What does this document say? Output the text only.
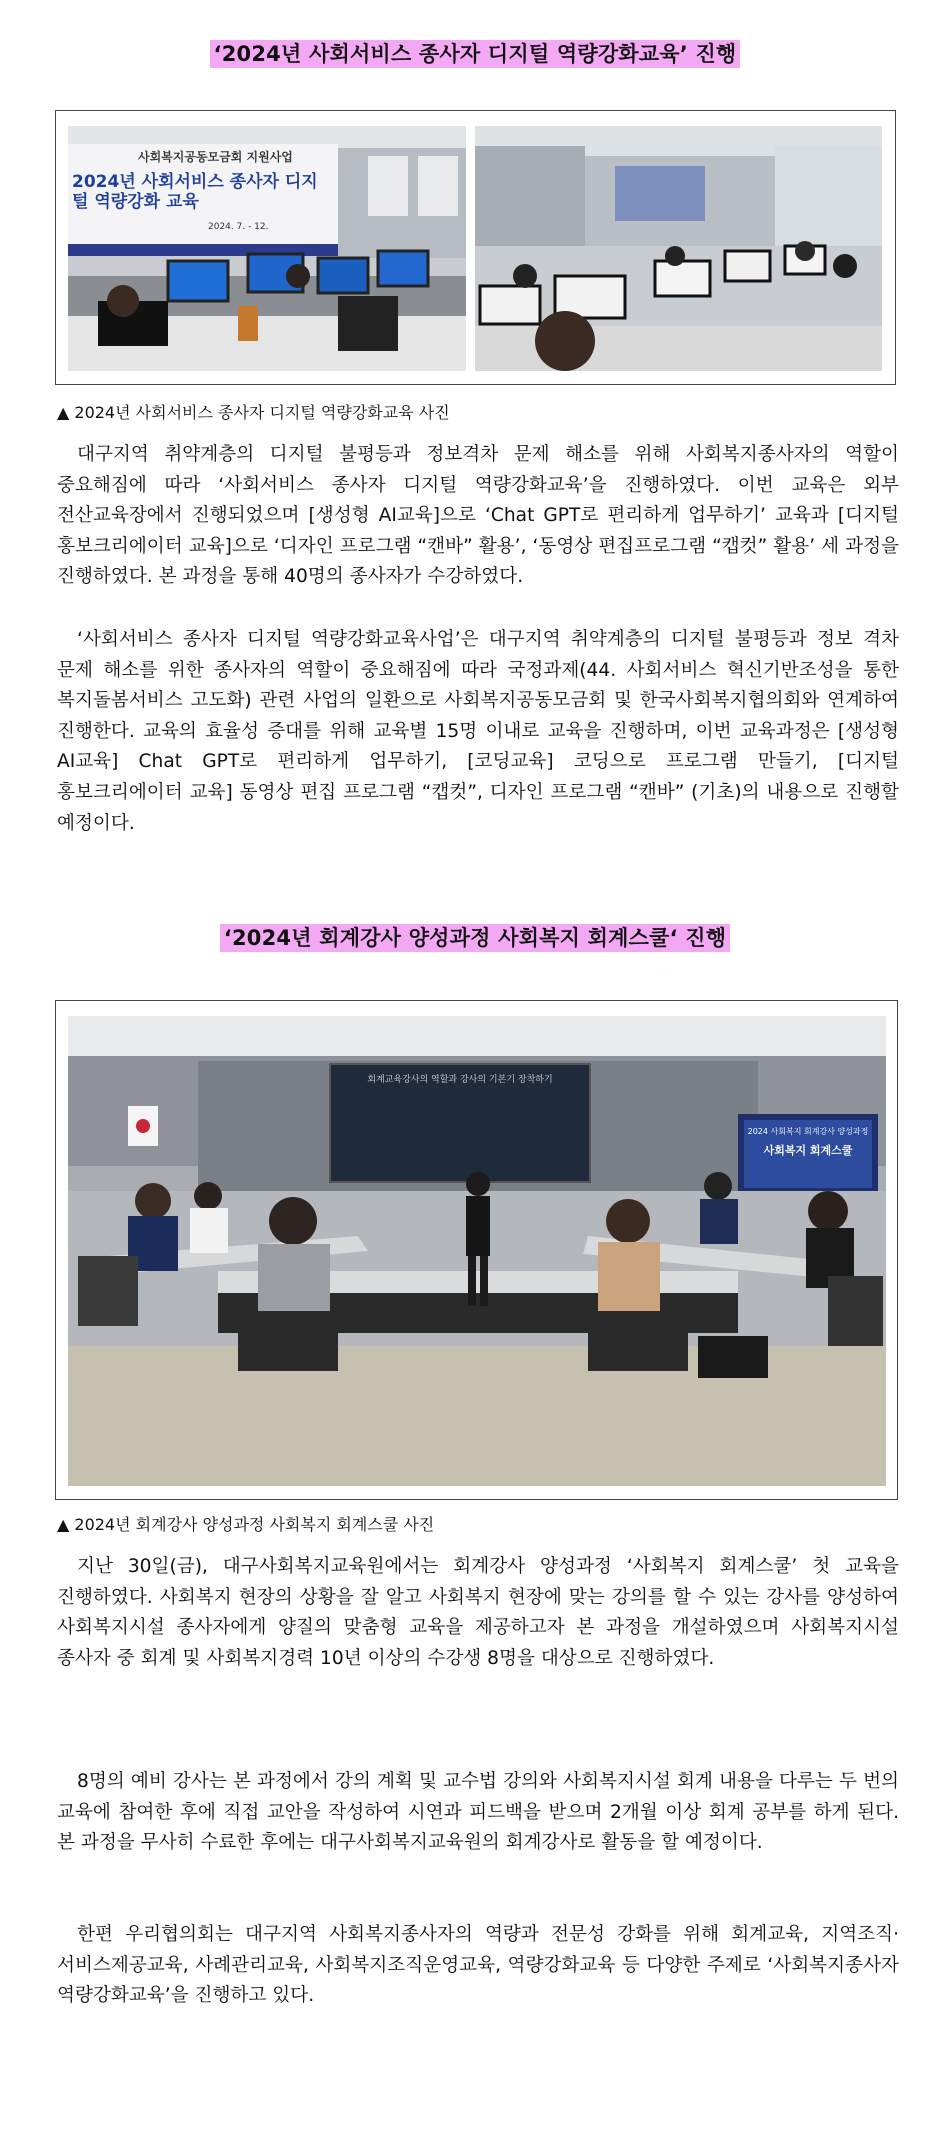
‘2024년 사회서비스 종사자 디지털 역량강화교육’ 진행
사회복지공동모금회 지원사업
2024년 사회서비스 종사자 디지털 역량강화 교육
2024. 7. - 12.
▲ 2024년 사회서비스 종사자 디지털 역량강화교육 사진

대구지역 취약계층의 디지털 불평등과 정보격차 문제 해소를 위해 사회복지종사자의 역할이 중요해짐에 따라 ‘사회서비스 종사자 디지털 역량강화교육’을 진행하였다. 이번 교육은 외부 전산교육장에서 진행되었으며 [생성형 AI교육]으로 ‘Chat GPT로 편리하게 업무하기’ 교육과 [디지털 홍보크리에이터 교육]으로 ‘디자인 프로그램 “캔바” 활용’, ‘동영상 편집프로그램 “캡컷” 활용’ 세 과정을 진행하였다. 본 과정을 통해 40명의 종사자가 수강하였다.

‘사회서비스 종사자 디지털 역량강화교육사업’은 대구지역 취약계층의 디지털 불평등과 정보 격차 문제 해소를 위한 종사자의 역할이 중요해짐에 따라 국정과제(44. 사회서비스 혁신기반조성을 통한 복지돌봄서비스 고도화) 관련 사업의 일환으로 사회복지공동모금회 및 한국사회복지협의회와 연계하여 진행한다. 교육의 효율성 증대를 위해 교육별 15명 이내로 교육을 진행하며, 이번 교육과정은 [생성형 AI교육] Chat GPT로 편리하게 업무하기, [코딩교육] 코딩으로 프로그램 만들기, [디지털 홍보크리에이터 교육] 동영상 편집 프로그램 “캡컷”, 디자인 프로그램 “캔바” (기초)의 내용으로 진행할 예정이다.

‘2024년 회계강사 양성과정 사회복지 회계스쿨‘ 진행
회계교육강사의 역할과 강사의 기본기 장착하기
2024 사회복지 회계강사 양성과정
사회복지 회계스쿨
▲ 2024년 회계강사 양성과정 사회복지 회계스쿨 사진

지난 30일(금), 대구사회복지교육원에서는 회계강사 양성과정 ‘사회복지 회계스쿨’ 첫 교육을 진행하였다. 사회복지 현장의 상황을 잘 알고 사회복지 현장에 맞는 강의를 할 수 있는 강사를 양성하여 사회복지시설 종사자에게 양질의 맞춤형 교육을 제공하고자 본 과정을 개설하였으며 사회복지시설 종사자 중 회계 및 사회복지경력 10년 이상의 수강생 8명을 대상으로 진행하였다.

8명의 예비 강사는 본 과정에서 강의 계획 및 교수법 강의와 사회복지시설 회계 내용을 다루는 두 번의 교육에 참여한 후에 직접 교안을 작성하여 시연과 피드백을 받으며 2개월 이상 회계 공부를 하게 된다. 본 과정을 무사히 수료한 후에는 대구사회복지교육원의 회계강사로 활동을 할 예정이다.

한편 우리협의회는 대구지역 사회복지종사자의 역량과 전문성 강화를 위해 회계교육, 지역조직·서비스제공교육, 사례관리교육, 사회복지조직운영교육, 역량강화교육 등 다양한 주제로 ‘사회복지종사자 역량강화교육’을 진행하고 있다.
